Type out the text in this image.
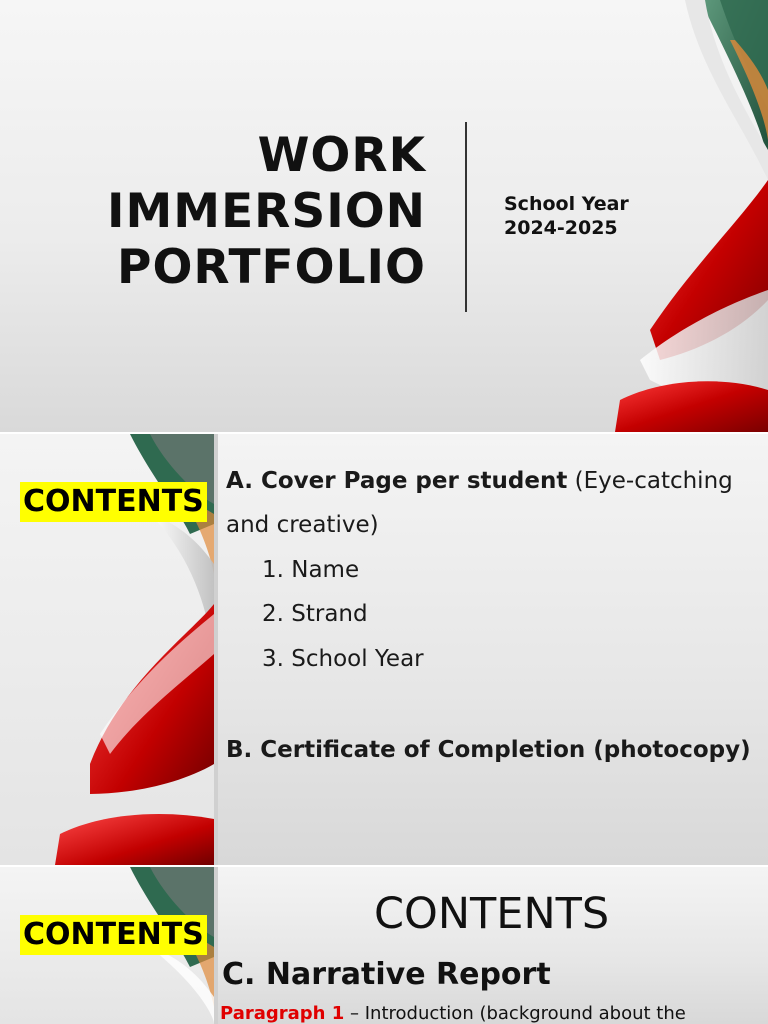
WORK
IMMERSION
PORTFOLIO
School Year
2024-2025
CONTENTS
A. Cover Page per student (Eye-catching
and creative)
1. Name
2. Strand
3. School Year
B. Certificate of Completion (photocopy)
CONTENTS	CONTENTS
C. Narrative Report
Paragraph 1 – Introduction (background about the
